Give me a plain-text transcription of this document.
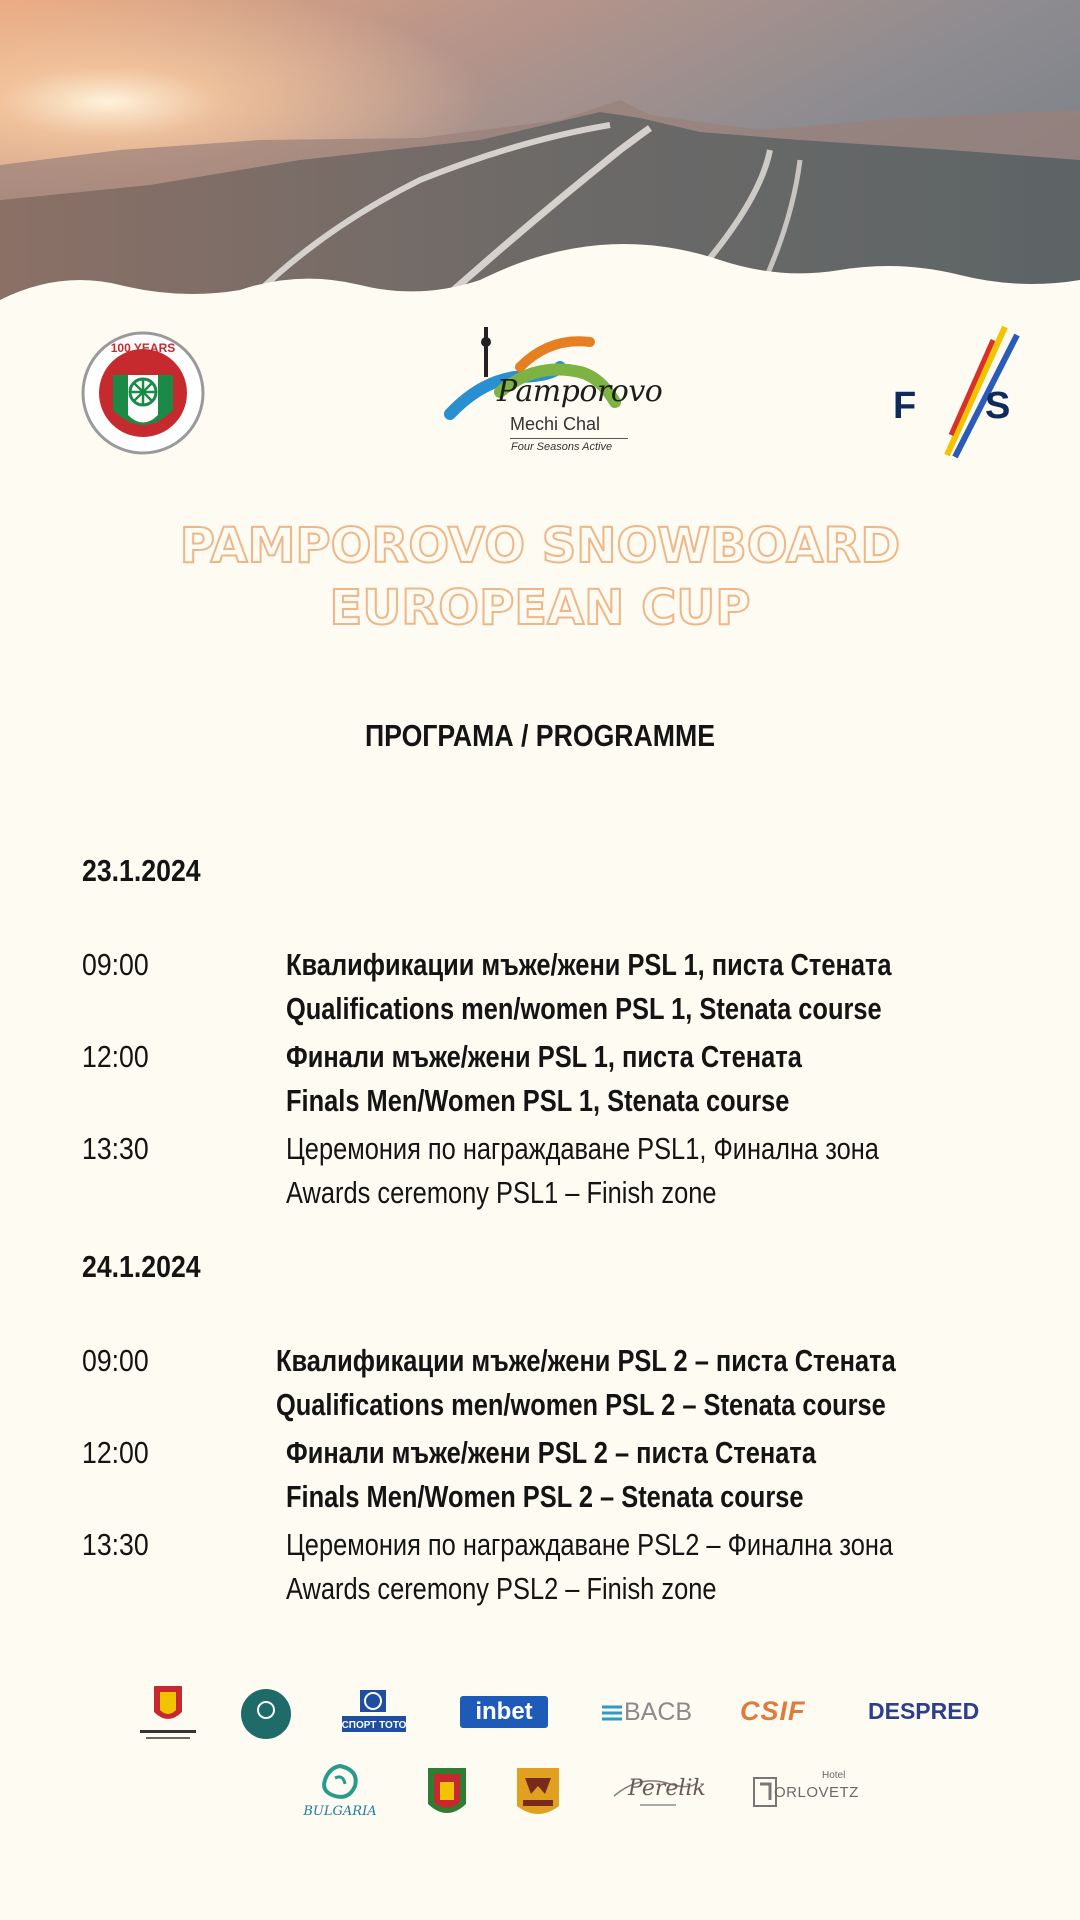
100 YEARS
Pamporovo
Mechi Chal
Four Seasons Active
F S
PAMPOROVO SNOWBOARD
EUROPEAN CUP
ПРОГРАМА / PROGRAMME
23.1.2024
09:00	Квалификации мъже/жени PSL 1, писта Стената
Qualifications men/women PSL 1, Stenata course
12:00	Финали мъже/жени PSL 1, писта Стената
Finals Men/Women PSL 1, Stenata course
13:30	Церемония по награждаване PSL1, Финална зона
Awards ceremony PSL1 – Finish zone
24.1.2024
09:00	Квалификации мъже/жени PSL 2 – писта Стената
Qualifications men/women PSL 2 – Stenata course
12:00	Финали мъже/жени PSL 2 – писта Стената
Finals Men/Women PSL 2 – Stenata course
13:30	Церемония по награждаване PSL2 – Финална зона
Awards ceremony PSL2 – Finish zone
СПОРТ ТОТО
inbet	BACB CSIF	DESPRED
BULGARIA
Perelik
Hotel
ORLOVETZ
